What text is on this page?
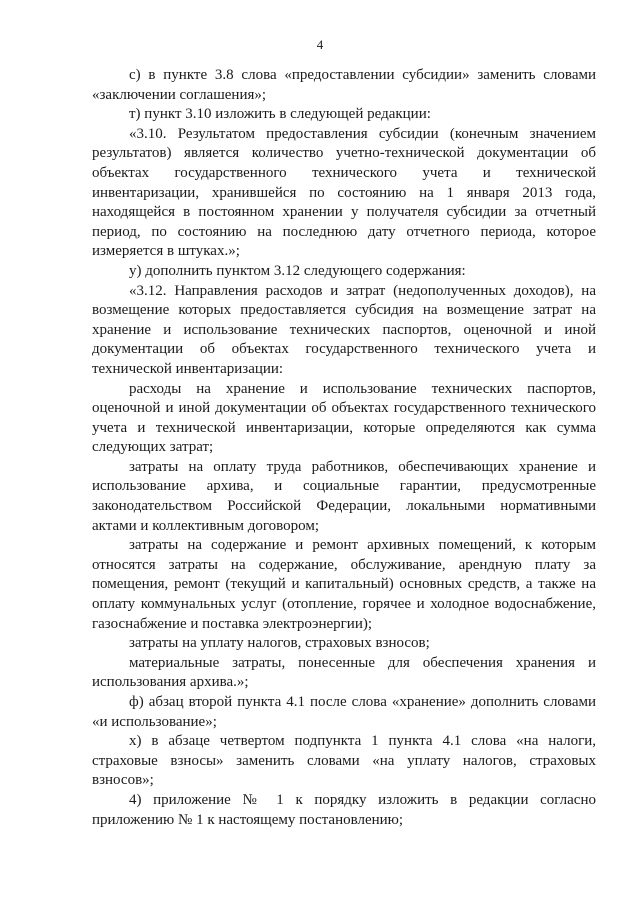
4

с) в пункте 3.8 слова «предоставлении субсидии» заменить словами «заключении соглашения»;

т) пункт 3.10 изложить в следующей редакции:

«3.10. Результатом предоставления субсидии (конечным значением результатов) является количество учетно-технической документации об объектах государственного технического учета и технической инвентаризации, хранившейся по состоянию на 1 января 2013 года, находящейся в постоянном хранении у получателя субсидии за отчетный период, по состоянию на последнюю дату отчетного периода, которое измеряется в штуках.»;

у) дополнить пунктом 3.12 следующего содержания:

«3.12. Направления расходов и затрат (недополученных доходов), на возмещение которых предоставляется субсидия на возмещение затрат на хранение и использование технических паспортов, оценочной и иной документации об объектах государственного технического учета и технической инвентаризации:

расходы на хранение и использование технических паспортов, оценочной и иной документации об объектах государственного технического учета и технической инвентаризации, которые определяются как сумма следующих затрат;

затраты на оплату труда работников, обеспечивающих хранение и использование архива, и социальные гарантии, предусмотренные законодательством Российской Федерации, локальными нормативными актами и коллективным договором;

затраты на содержание и ремонт архивных помещений, к которым относятся затраты на содержание, обслуживание, арендную плату за помещения, ремонт (текущий и капитальный) основных средств, а также на оплату коммунальных услуг (отопление, горячее и холодное водоснабжение, газоснабжение и поставка электроэнергии);

затраты на уплату налогов, страховых взносов;

материальные затраты, понесенные для обеспечения хранения и использования архива.»;

ф) абзац второй пункта 4.1 после слова «хранение» дополнить словами «и использование»;

х) в абзаце четвертом подпункта 1 пункта 4.1 слова «на налоги, страховые взносы» заменить словами «на уплату налогов, страховых взносов»;

4) приложение № 1 к порядку изложить в редакции согласно приложению № 1 к настоящему постановлению;
